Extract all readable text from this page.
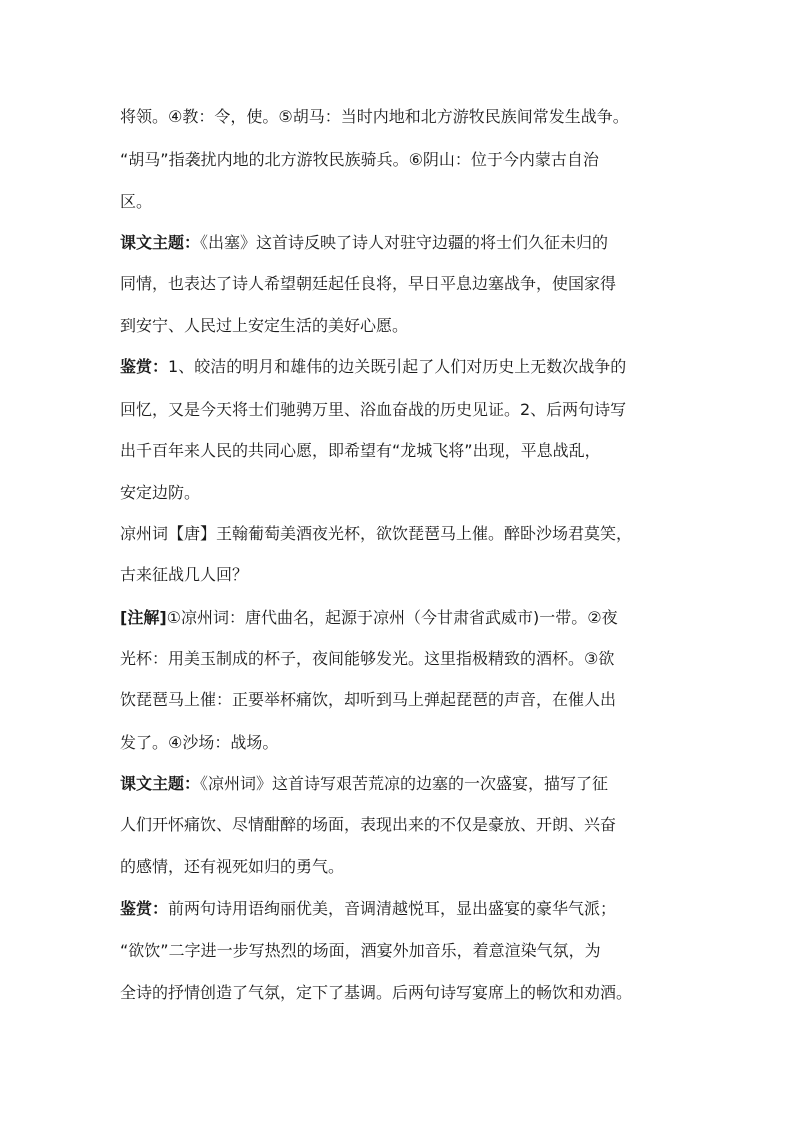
将领。④教：令，使。⑤胡马：当时内地和北方游牧民族间常发生战争。
“胡马”指袭扰内地的北方游牧民族骑兵。⑥阴山：位于今内蒙古自治
区。
课文主题：《出塞》这首诗反映了诗人对驻守边疆的将士们久征未归的
同情，也表达了诗人希望朝廷起任良将，早日平息边塞战争，使国家得
到安宁、人民过上安定生活的美好心愿。
鉴赏：1、皎洁的明月和雄伟的边关既引起了人们对历史上无数次战争的
回忆，又是今天将士们驰骋万里、浴血奋战的历史见证。2、后两句诗写
出千百年来人民的共同心愿，即希望有“龙城飞将”出现，平息战乱，
安定边防。
凉州词【唐】王翰葡萄美酒夜光杯，欲饮琵琶马上催。醉卧沙场君莫笑，
古来征战几人回？
[注解]①凉州词：唐代曲名，起源于凉州（今甘肃省武威市)一带。②夜
光杯：用美玉制成的杯子，夜间能够发光。这里指极精致的酒杯。③欲
饮琵琶马上催：正要举杯痛饮，却听到马上弹起琵琶的声音，在催人出
发了。④沙场：战场。
课文主题：《凉州词》这首诗写艰苦荒凉的边塞的一次盛宴，描写了征
人们开怀痛饮、尽情酣醉的场面，表现出来的不仅是豪放、开朗、兴奋
的感情，还有视死如归的勇气。
鉴赏：前两句诗用语绚丽优美，音调清越悦耳，显出盛宴的豪华气派；
“欲饮”二字进一步写热烈的场面，酒宴外加音乐，着意渲染气氛，为
全诗的抒情创造了气氛，定下了基调。后两句诗写宴席上的畅饮和劝酒。
